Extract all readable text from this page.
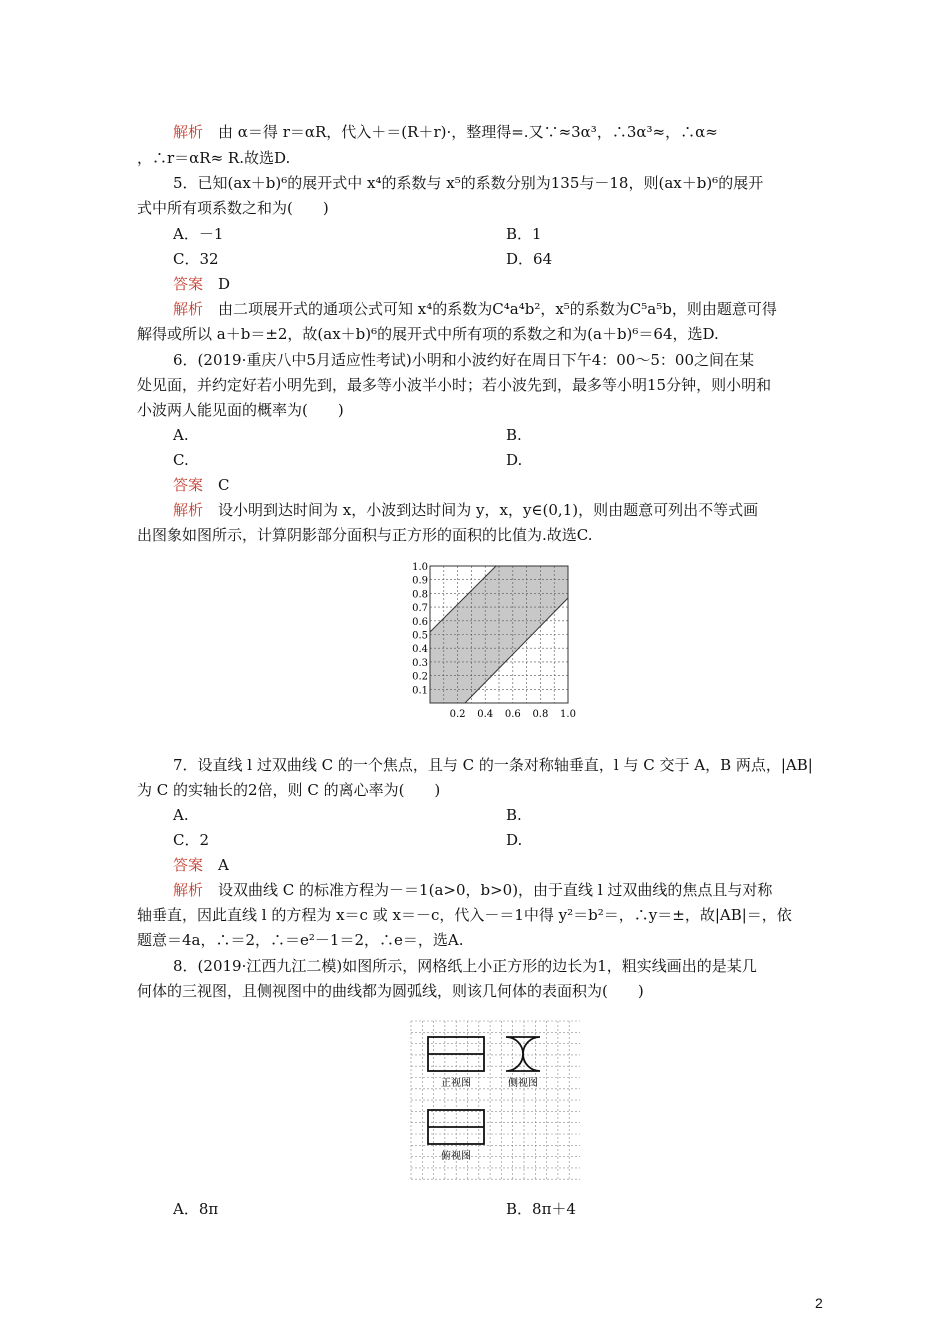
解析　 由 α＝得 r＝αR，代入＋＝(R＋r)·，整理得=.又∵≈3α³，∴3α³≈，∴α≈
，∴r＝αR≈ R.故选D.
5．已知(ax＋b)⁶的展开式中 x⁴的系数与 x⁵的系数分别为135与－18，则(ax＋b)⁶的展开
式中所有项系数之和为(　　)
A．－1	B．1
C．32	D．64
答案　 D
解析　 由二项展开式的通项公式可知 x⁴的系数为C⁴a⁴b²，x⁵的系数为C⁵a⁵b，则由题意可得
解得或所以 a＋b＝±2，故(ax＋b)⁶的展开式中所有项的系数之和为(a＋b)⁶＝64，选D.
6．(2019·重庆八中5月适应性考试)小明和小波约好在周日下午4：00～5：00之间在某
处见面，并约定好若小明先到，最多等小波半小时；若小波先到，最多等小明15分钟，则小明和
小波两人能见面的概率为(　　)
A.	B.
C.	D.
答案　 C
解析　 设小明到达时间为 x，小波到达时间为 y，x，y∈(0,1)，则由题意可列出不等式画
出图象如图所示，计算阴影部分面积与正方形的面积的比值为.故选C.
1.0
0.9
0.8
0.7
0.6
0.5
0.4
0.3
0.2
0.1
0.2 0.4 0.6 0.8 1.0
7．设直线 l 过双曲线 C 的一个焦点，且与 C 的一条对称轴垂直，l 与 C 交于 A，B 两点，|AB|
为 C 的实轴长的2倍，则 C 的离心率为(　　)
A.	B.
C．2	D.
答案　 A
解析　 设双曲线 C 的标准方程为－＝1(a>0，b>0)，由于直线 l 过双曲线的焦点且与对称
轴垂直，因此直线 l 的方程为 x＝c 或 x＝－c，代入－＝1中得 y²＝b²＝，∴y＝±，故|AB|＝，依
题意＝4a，∴＝2，∴＝e²－1＝2，∴e＝，选A.
8．(2019·江西九江二模)如图所示，网格纸上小正方形的边长为1，粗实线画出的是某几
何体的三视图，且侧视图中的曲线都为圆弧线，则该几何体的表面积为(　　)
正视图	侧视图
俯视图
A．8π	B．8π＋4
2
